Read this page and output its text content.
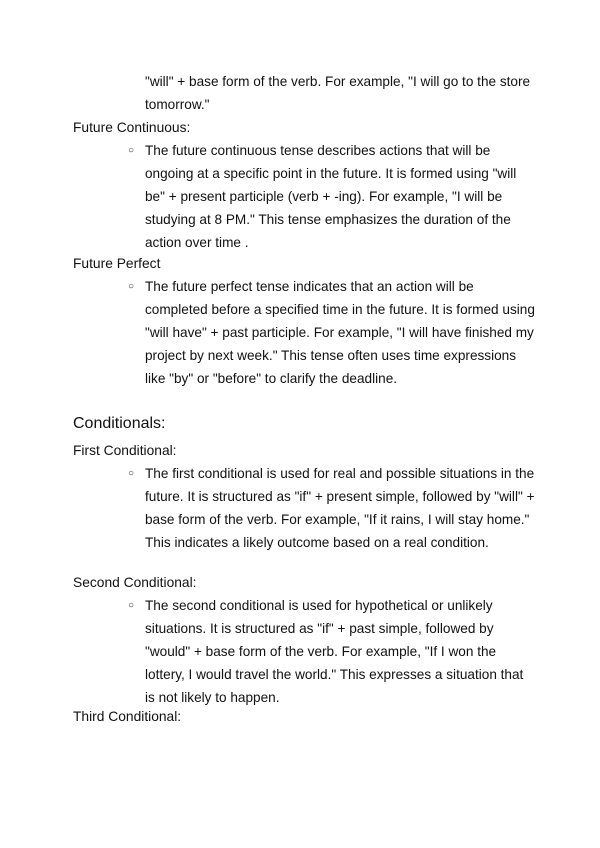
"will" + base form of the verb. For example, "I will go to the store tomorrow."
Future Continuous:
○ The future continuous tense describes actions that will be ongoing at a specific point in the future. It is formed using "will be" + present participle (verb + -ing). For example, "I will be studying at 8 PM." This tense emphasizes the duration of the action over time .
Future Perfect
○ The future perfect tense indicates that an action will be completed before a specified time in the future. It is formed using "will have" + past participle. For example, "I will have finished my project by next week." This tense often uses time expressions like "by" or "before" to clarify the deadline.
Conditionals:
First Conditional:
○ The first conditional is used for real and possible situations in the future. It is structured as "if" + present simple, followed by "will" + base form of the verb. For example, "If it rains, I will stay home." This indicates a likely outcome based on a real condition.
Second Conditional:
○ The second conditional is used for hypothetical or unlikely situations. It is structured as "if" + past simple, followed by "would" + base form of the verb. For example, "If I won the lottery, I would travel the world." This expresses a situation that is not likely to happen.
Third Conditional:
